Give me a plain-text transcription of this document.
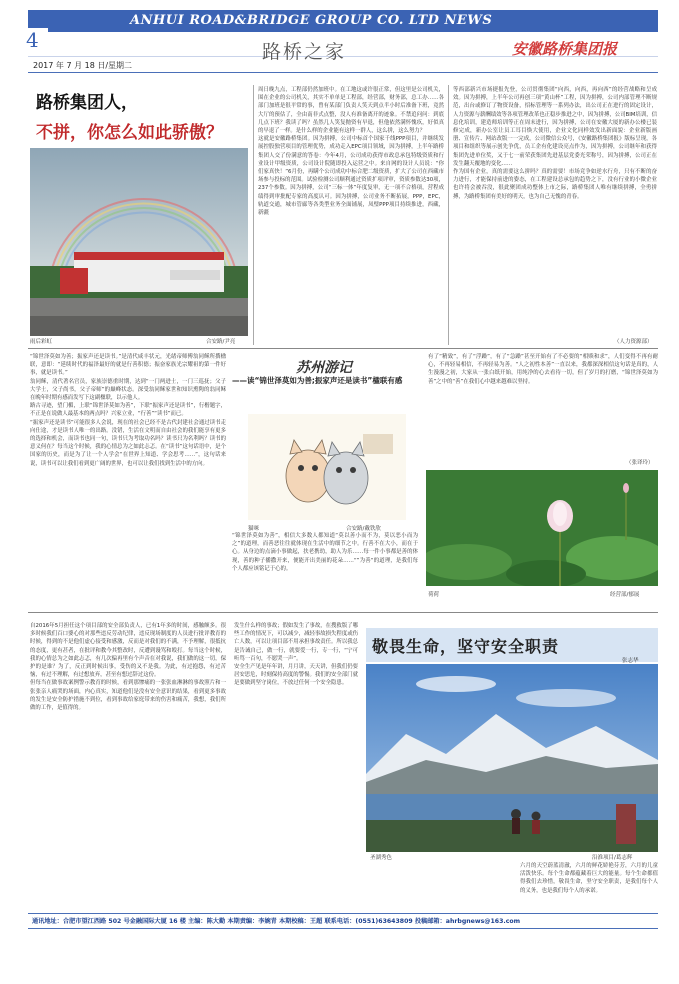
ANHUI ROAD&BRIDGE GROUP CO. LTD NEWS
4	路桥之家	安徽路桥集团报
2017 年 7 月 18 日/星期二
路桥集团人，
不拼，你怎么如此骄傲？
雨后彩虹	合安路/尹亮
周日晚九点，工程部仍然加班中。在工地这或许很正常，但这里是公司机关，围在企业的公司机关，其实不单单是工程部，经营部，财务部，总工办……各部门加班是很平常的事，曾有某部门负责人笑天到点半小时后准备下班，竟然大厅的预估了，全由南非式点整，没人有准备离开的迹象。不禁追问问：到底几点下班？我读了吗？虽然几人笑复抛资有早退，但他依然满怀愧疚，好似真的早退了一样。是什么样的企业能有这样一群人，这么拼，这么努力？
这就是安徽路桥集团。因为拼搏，公司中标首个国家千线PPP项目，并继续发展控股独营项目的管理优势，成功走入EPC项目领域，因为拼搏，上半年路桥集团人交了份满意的答卷：今年4月，公司成功获得市政总承包特级资质和行业设计甲级资质，公司设计院随即投入运营之中。来自网的设计人员说：“你们家真快！”6月份，再瞒个公司成功中标合肥二级资质，扩大了公司在西藏市场参与投标的范围。试验检测公司顺利通过资质扩项评审，资质参数达30项，237个参数。因为拼搏，公司“三标一体”年度复审，无一项不合格项，营程成绩得到审批配专家的高度认可。因为拼搏，公司业务不断拓展，PPP，EPC，轨道交通，城市管廊等各类型业务全面铺展，凤璧PPP项目持续推进，西藏，新疆
等西部新兴市场捷报先登，公司贯彻集团“向西，向西，再向西”的经营战略和呈成效。因为拼搏，上半年公司再创三项“黄山杯”工程，因为拼搏，公司内部管理不断规范，出台或修订了物资设备，招标管理等一系列办法，出公司正在进行的固定设计，人力资源与薪酬绩效等各项管理改革也正稳步推进之中，因为拼搏，公司BIM培训，信息化培训，建造师培训等正在周末进行，因为拼搏，公司在安徽大厦的新办公楼已装修完成，新办公室让员工耳目焕大使用，企业文化同样效发出新面貌：企业新版画册、宣传片、网站改版一一完成，公司微信公众号，《安徽路桥集团报》版标呈现，各项目和组织等展示创先争优，员工企有化建设亮点作为，因为拼搏，公司继年和获得集团先进单位奖，又于七一前荣获集团先进基层党委光荣称号，因为拼搏，公司正在发生翻天覆地的变化……
作为国有企业，真的需要这么拼吗？真的需要！市场竞争如逆水行舟，只有不断的奋力进行，才能保持前进的姿态，在工程建设总承包的趋势之下，没有行业的小微企业也许将会被吞没，很此聚团成功整体上市之际，路桥集团人唯有继续拼搏，全勇拼搏，为路桥集团有美好的明天，也为自己无愧的青春。
（人力资源部）
“锦世泽莫如为善；振家声还是读书。”是清代咸丰状元，光绪帝师傅翁同稣所撰楹联，意即：“延续时代的福泽最好的就是行善积德；振奋家族光宗耀祖的第一件好事，就是读书。”
翁同稣，清代著名官员，家族崇德重时期，达到“一门两进士，一门三巡抚；父子大学士，父子尚书，父子帝师”的巅峰状态。深受翁同稣家世和知识熏陶的翁同稣在晚年时期有感而发写下这副楹联，以示他人。
路古寻迹，望门楣，上联“锦世泽莫如为善”，下联“振家声还是读书”，行楷题字，不正是在说做人最基本的两点吗？兴家立业，“行善”“读书”而已。
“振家声还是读书”可能很多人会说，现在的社会已经不是古代封建社会通过读书走向仕途，才是读书人唯一的出路。没错，生活在文明而自由社会的我们能享有更多的选择和机会，而读书也同一句，读书只为考取功名吗？读书只为名利吗？读书的意义何在？每当这个时候，我的心情总为之如此忐忑。在“读书”这句话语中，是个国家的历史，而是为了让一个人学会“在世界上知道、学会思考……”，这句话来说，读书可以让我们看到更广阔的世界，也可以让我们找到生活中的方向。
苏州游记
——读“锦世泽莫如为善;振家声还是读书”楹联有感
猫咪	合安路/戴铁欣
“锦世泽莫如为善”，相信大多数人都知道“莫以善小而不为，莫以恶小而为之”的道理，而善恶往往就体现在生活中的细节之中。行善不在大小，而在于心。从身边的点滴小事做起，扶老携幼，助人为乐……每一件小事都是善的体现，善的种子播撒开来，便能开出美丽的花朵……“”为善“的道理，是我们每个人都应该铭记于心的。
有了“精致”，有了“浮躁”，有了“急躁”甚至开始有了不必要的“相赎和求”，人们变得不再有耐心，不再轻易相信，不再轻易为善。“人之初性本善”一直以来，我都深深相信这句话是真的，人生漫漫之初，大家从一张白纸开始，用纯净的心去看待一切，但了岁月的打磨，“锦世泽莫如为善”之中的“善”在我们心中越来越难以坚持。
（张译玲）
荷荷	经营部/郁展
自2016年5月担任这个项目部的安全部负责人，已有1年多的时间，感触颇多。很多时候我们百口婆心的对那些违反劳动纪律，违反现场制度的人员进行批评教育的时候，得到的不是他们虚心接受和感激，反而是对我们的不满，不予理解，很抵抗的态度，更有甚者，在批评和教今其整改时，反遭到谩骂和殴打。每当这个时候，我的心情总为之如此忐忑，有几次偏再里有个声音在对我说，我们做的这一切，保护的是谁？为了，反正到时候出事，受伤的又不是我。为此，有过抱怨，有过苦恼，有过不理解，有过想放弃，甚至有想过辞过这份。
但每当在做事故案例警示教育的时候，看到那惨痛的一张张血淋淋的事故照片和一张张亲人痛哭的场面，内心真实，知道他们是没有安全意识的结果，看到更多事故的发生是安全防护措施不到位，看到事故给家庭带来的伤害和痛苦，我想，我们所做的工作，是值得的。
发生什么样的事故；假如发生了事故，在搜救版了哪些工作的情况下，可以减少，减轻事故损失程度或伤亡人数，可以让项目部不用承担事故责任。所以我总是告诫自己，做一行，就要爱一行，专一行，“宁可听骂一百句，不愿哭一声”。
安全生产见是年年讲，月月讲，天天讲，但我们仍要居安思危，时刻保持高度的警惕。我们的安全部门就是要做到坚守岗位，不放过任何一个安全隐患。
敬畏生命，坚守安全职责
张志华
圣湖秀色	沿淮项目/葛志辉
六月的天空蔚蓝清澈，六月的鲜花娇艳芬芳，六月的儿童活泼快乐。每个生命都蕴藏着巨大的能量。每个生命都值得我们去珍惜，敬畏生命，坚守安全职责，是我们每个人的义务，也是我们每个人的承诺。
通讯地址：合肥市望江西路 502 号金融国际大厦 16 楼 主编：陈大勤 本期责编：李婉青 本期校稿：王超 联系电话：(0551)63643809 投稿邮箱：ahrbgnews@163.com
